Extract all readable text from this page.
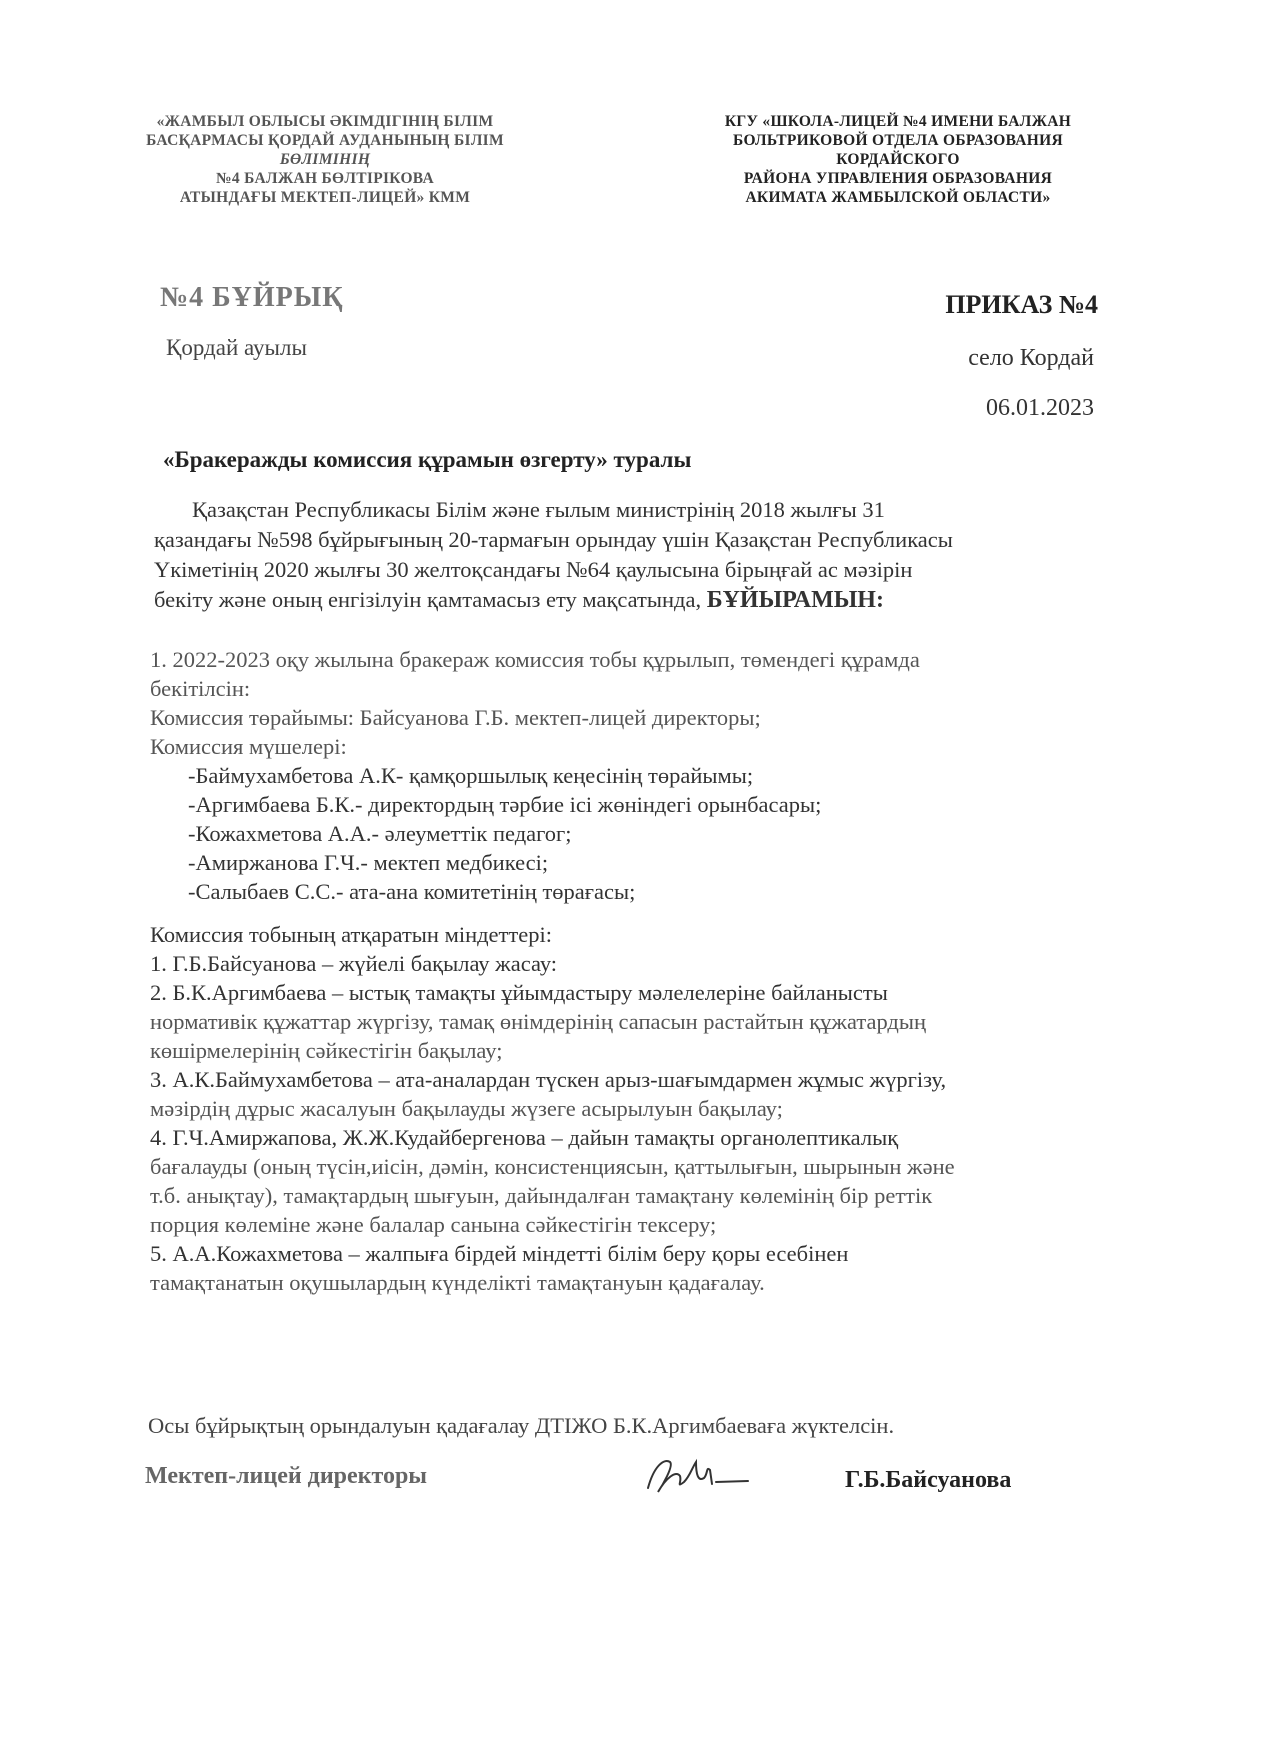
«ЖАМБЫЛ ОБЛЫСЫ ӘКІМДІГІНІҢ БІЛІМ
БАСҚАРМАСЫ ҚОРДАЙ АУДАНЫНЫҢ БІЛІМ
БӨЛІМІНІҢ
№4 БАЛЖАН БӨЛТІРІКОВА
АТЫНДАҒЫ МЕКТЕП-ЛИЦЕЙ» КММ
КГУ «ШКОЛА-ЛИЦЕЙ №4 ИМЕНИ БАЛЖАН
БОЛЬТРИКОВОЙ ОТДЕЛА ОБРАЗОВАНИЯ
КОРДАЙСКОГО
РАЙОНА УПРАВЛЕНИЯ ОБРАЗОВАНИЯ
АКИМАТА ЖАМБЫЛСКОЙ ОБЛАСТИ»
№4 БҰЙРЫҚ
Қордай ауылы
ПРИКАЗ №4
село Кордай
06.01.2023
«Бракеражды комиссия құрамын өзгерту» туралы
Қазақстан Республикасы Білім және ғылым министрінің 2018 жылғы 31
қазандағы №598 бұйрығының 20-тармағын орындау үшін Қазақстан Республикасы
Үкіметінің 2020 жылғы 30 желтоқсандағы №64 қаулысына бірыңғай ас мәзірін
бекіту және оның енгізілуін қамтамасыз ету мақсатында, БҰЙЫРАМЫН:
1. 2022-2023 оқу жылына бракераж комиссия тобы құрылып, төмендегі құрамда
бекітілсін:
Комиссия төрайымы: Байсуанова Г.Б. мектеп-лицей директоры;
Комиссия мүшелері:
-Баймухамбетова А.К- қамқоршылық кеңесінің төрайымы;
-Аргимбаева Б.К.- директордың тәрбие ісі жөніндегі орынбасары;
-Кожахметова А.А.- әлеуметтік педагог;
-Амиржанова Г.Ч.- мектеп медбикесі;
-Салыбаев С.С.- ата-ана комитетінің төрағасы;
Комиссия тобының атқаратын міндеттері:
1. Г.Б.Байсуанова – жүйелі бақылау жасау:
2. Б.К.Аргимбаева – ыстық тамақты ұйымдастыру мәлелелеріне байланысты
нормативік құжаттар жүргізу, тамақ өнімдерінің сапасын растайтын құжатардың
көшірмелерінің сәйкестігін бақылау;
3. А.К.Баймухамбетова – ата-аналардан түскен арыз-шағымдармен жұмыс жүргізу,
мәзірдің дұрыс жасалуын бақылауды жүзеге асырылуын бақылау;
4. Г.Ч.Амиржапова, Ж.Ж.Кудайбергенова – дайын тамақты органолептикалық
бағалауды (оның түсін,иісін, дәмін, консистенциясын, қаттылығын, шырынын және
т.б. анықтау), тамақтардың шығуын, дайындалған тамақтану көлемінің бір реттік
порция көлеміне және балалар санына сәйкестігін тексеру;
5. А.А.Кожахметова – жалпыға бірдей міндетті білім беру қоры есебінен
тамақтанатын оқушылардың күнделікті тамақтануын қадағалау.
Осы бұйрықтың орындалуын қадағалау ДТІЖО Б.К.Аргимбаеваға жүктелсін.
Мектеп-лицей директоры	Г.Б.Байсуанова
